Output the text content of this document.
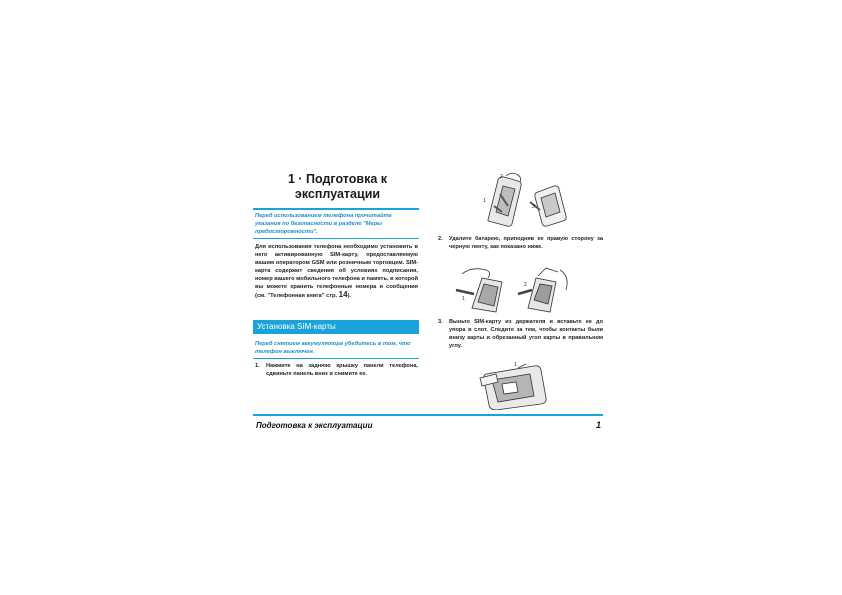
1 · Подготовка к
эксплуатации
Перед использованием телефона прочитайте указания по безопасности в разделе "Меры предосторожности".
Для использования телефона необходимо установить в него активированную SIM-карту, предоставляемую вашим оператором GSM или розничным торговцем. SIM-карта содержит сведения об условиях подписания, номер вашего мобильного телефона и память, в которой вы можете хранить телефонные номера и сообщения (см. "Телефонная книга" стр. 14).
Установка SIM-карты
Перед снятием аккумулятора убедитесь в том, что телефон выключен.
1. Нажмите на заднюю крышку панели телефона, сдвиньте панель вниз и снимите ее.
1
2
3
2. Удалите батарею, приподняв ее правую сторону за черную ленту, как показано ниже.
1
2
3. Выньте SIM-карту из держателя и вставьте ее до упора в слот. Следите за тем, чтобы контакты были внизу карты и обрезанный угол карты в правильном углу.
1
Подготовка к эксплуатации	1
